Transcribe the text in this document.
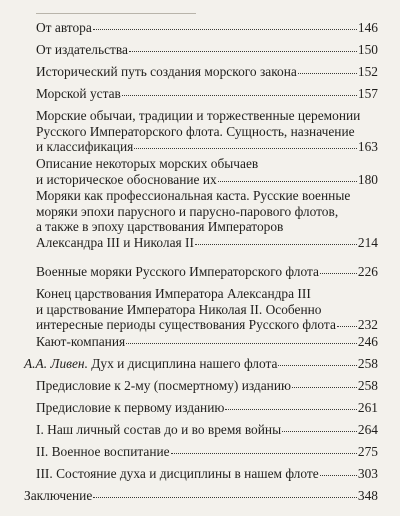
От автора	146
От издательства	150
Исторический путь создания морского закона	152
Морской устав	157
Морские обычаи, традиции и торжественные церемонии
Русского Императорского флота. Сущность, назначение
и классификация	163
Описание некоторых морских обычаев
и историческое обоснование их	180
Моряки как профессиональная каста. Русские военные
моряки эпохи парусного и парусно-парового флотов,
а также в эпоху царствования Императоров
Александра III и Николая II	214
Военные моряки Русского Императорского флота	226
Конец царствования Императора Александра III
и царствование Императора Николая II. Особенно
интересные периоды существования Русского флота 232
Кают-компания	246
А.А. Ливен. Дух и дисциплина нашего флота	258
Предисловие к 2-му (посмертному) изданию	258
Предисловие к первому изданию	261
I. Наш личный состав до и во время войны	264
II. Военное воспитание	275
III. Состояние духа и дисциплины в нашем флоте	303
Заключение	348
